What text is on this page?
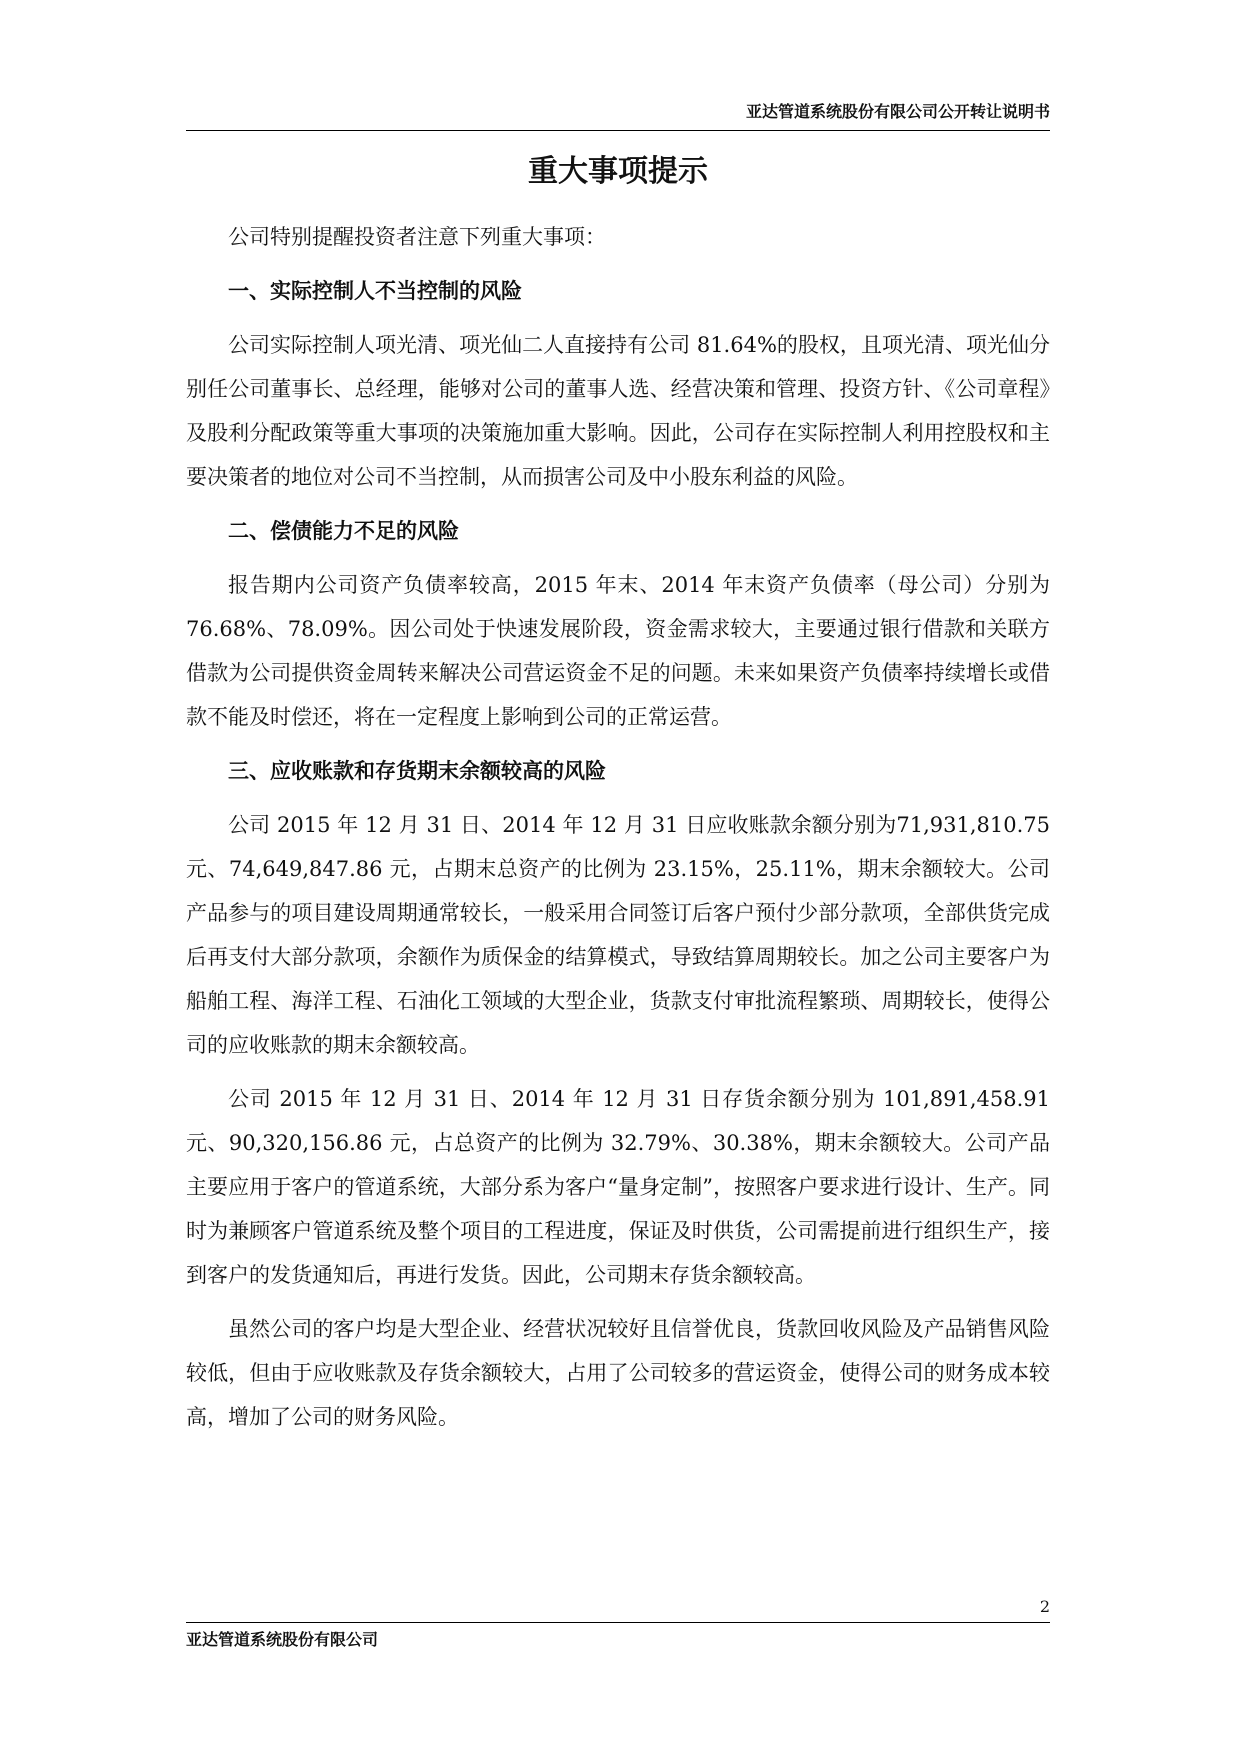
亚达管道系统股份有限公司公开转让说明书
重大事项提示

公司特别提醒投资者注意下列重大事项：

一、实际控制人不当控制的风险

公司实际控制人项光清、项光仙二人直接持有公司 81.64%的股权，且项光清、项光仙分别任公司董事长、总经理，能够对公司的董事人选、经营决策和管理、投资方针、《公司章程》及股利分配政策等重大事项的决策施加重大影响。因此，公司存在实际控制人利用控股权和主要决策者的地位对公司不当控制，从而损害公司及中小股东利益的风险。

二、偿债能力不足的风险

报告期内公司资产负债率较高，2015 年末、2014 年末资产负债率（母公司）分别为 76.68%、78.09%。因公司处于快速发展阶段，资金需求较大，主要通过银行借款和关联方借款为公司提供资金周转来解决公司营运资金不足的问题。未来如果资产负债率持续增长或借款不能及时偿还，将在一定程度上影响到公司的正常运营。

三、应收账款和存货期末余额较高的风险

公司 2015 年 12 月 31 日、2014 年 12 月 31 日应收账款余额分别为71,931,810.75 元、74,649,847.86 元，占期末总资产的比例为 23.15%，25.11%，期末余额较大。公司产品参与的项目建设周期通常较长，一般采用合同签订后客户预付少部分款项，全部供货完成后再支付大部分款项，余额作为质保金的结算模式，导致结算周期较长。加之公司主要客户为船舶工程、海洋工程、石油化工领域的大型企业，货款支付审批流程繁琐、周期较长，使得公司的应收账款的期末余额较高。

公司 2015 年 12 月 31 日、2014 年 12 月 31 日存货余额分别为 101,891,458.91 元、90,320,156.86 元，占总资产的比例为 32.79%、30.38%，期末余额较大。公司产品主要应用于客户的管道系统，大部分系为客户“量身定制”，按照客户要求进行设计、生产。同时为兼顾客户管道系统及整个项目的工程进度，保证及时供货，公司需提前进行组织生产，接到客户的发货通知后，再进行发货。因此，公司期末存货余额较高。

虽然公司的客户均是大型企业、经营状况较好且信誉优良，货款回收风险及产品销售风险较低，但由于应收账款及存货余额较大，占用了公司较多的营运资金，使得公司的财务成本较高，增加了公司的财务风险。

2
亚达管道系统股份有限公司
